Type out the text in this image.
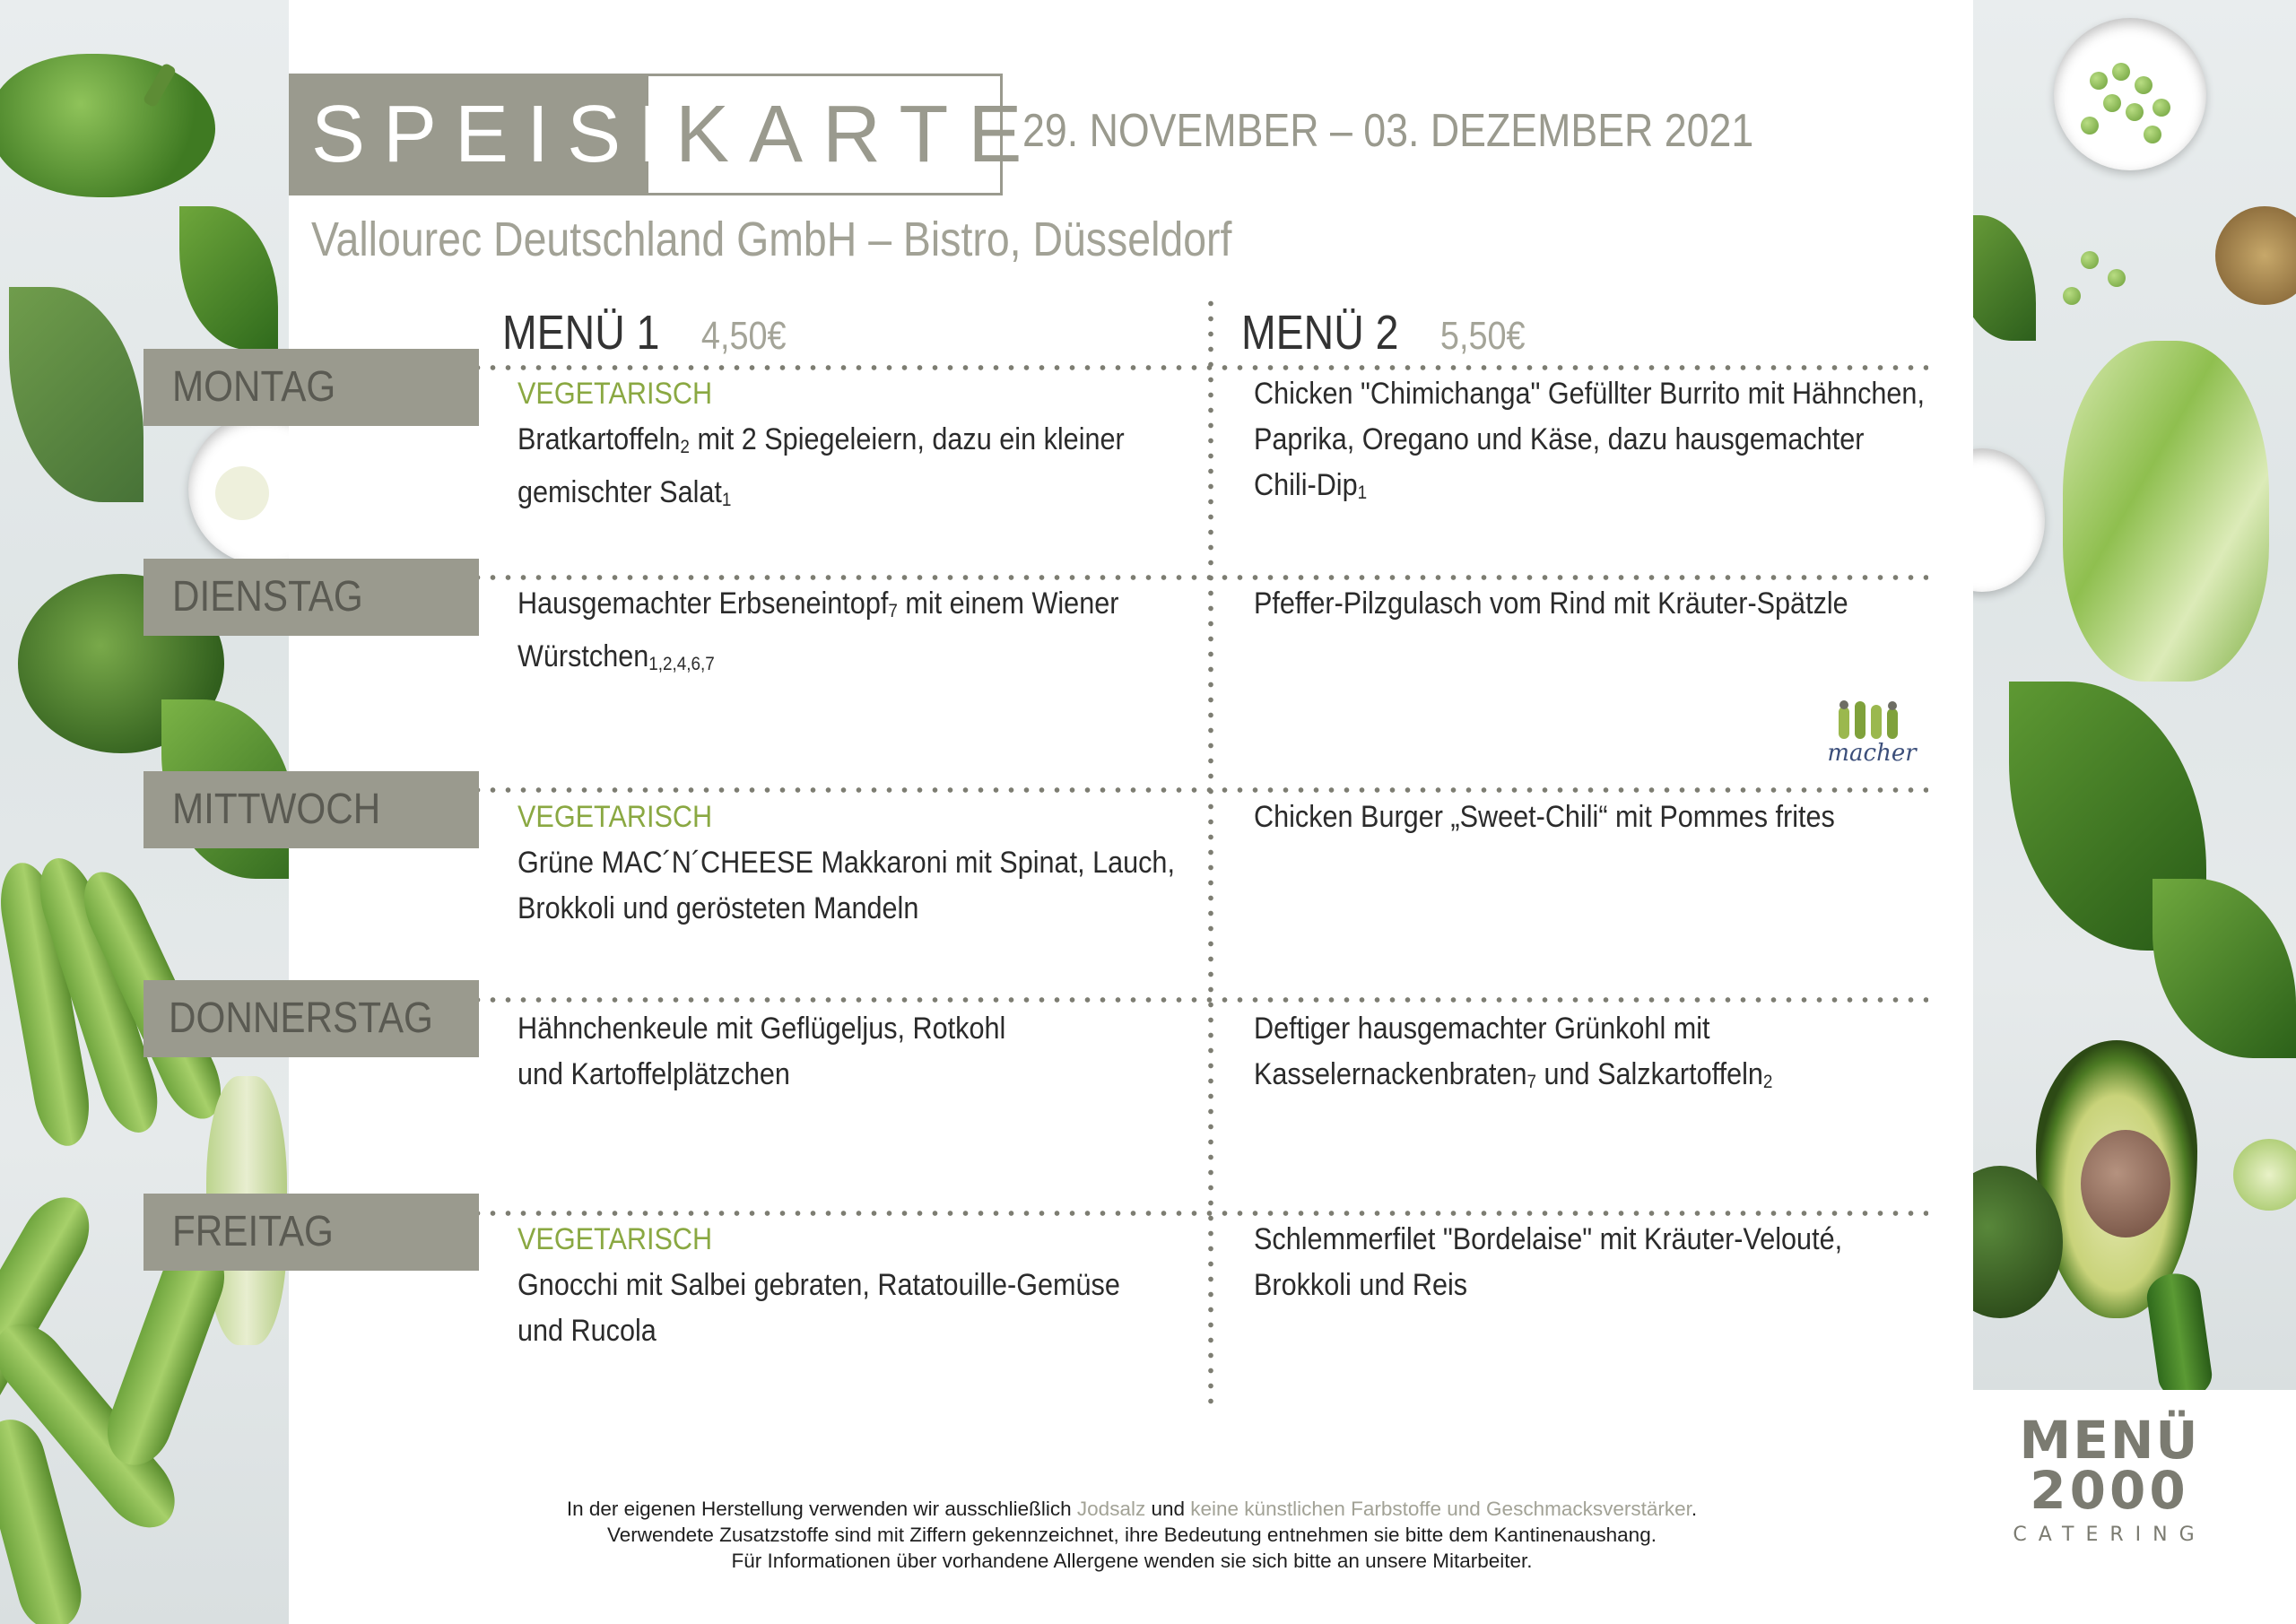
SPEISE
KARTE
29. NOVEMBER – 03. DEZEMBER 2021
Vallourec Deutschland GmbH – Bistro, Düsseldorf
MENÜ 1 4,50€	MENÜ 2 5,50€
MONTAG
DIENSTAG
MITTWOCH
DONNERSTAG
FREITAG
VEGETARISCH
Bratkartoffeln$_2$ mit 2 Spiegeleiern, dazu ein kleiner gemischter Salat$_1$
Chicken "Chimichanga" Gefüllter Burrito mit Hähnchen, Paprika, Oregano und Käse, dazu hausgemachter Chili-Dip$_1$
Hausgemachter Erbseneintopf$_7$ mit einem Wiener Würstchen$_{1,2,4,6,7}$
Pfeffer-Pilzgulasch vom Rind mit Kräuter-Spätzle
VEGETARISCH
Grüne MAC´N´CHEESE Makkaroni mit Spinat, Lauch, Brokkoli und gerösteten Mandeln
Chicken Burger „Sweet-Chili“ mit Pommes frites
Hähnchenkeule mit Geflügeljus, Rotkohl
und Kartoffelplätzchen
Deftiger hausgemachter Grünkohl mit Kasselernackenbraten$_7$ und Salzkartoffeln$_2$
VEGETARISCH
Gnocchi mit Salbei gebraten, Ratatouille-Gemüse
und Rucola
Schlemmerfilet "Bordelaise" mit Kräuter-Velouté, Brokkoli und Reis
macher
MENÜ
2000
CATERING
In der eigenen Herstellung verwenden wir ausschließlich Jodsalz und keine künstlichen Farbstoffe und Geschmacksverstärker.
Verwendete Zusatzstoffe sind mit Ziffern gekennzeichnet, ihre Bedeutung entnehmen sie bitte dem Kantinenaushang.
Für Informationen über vorhandene Allergene wenden sie sich bitte an unsere Mitarbeiter.
